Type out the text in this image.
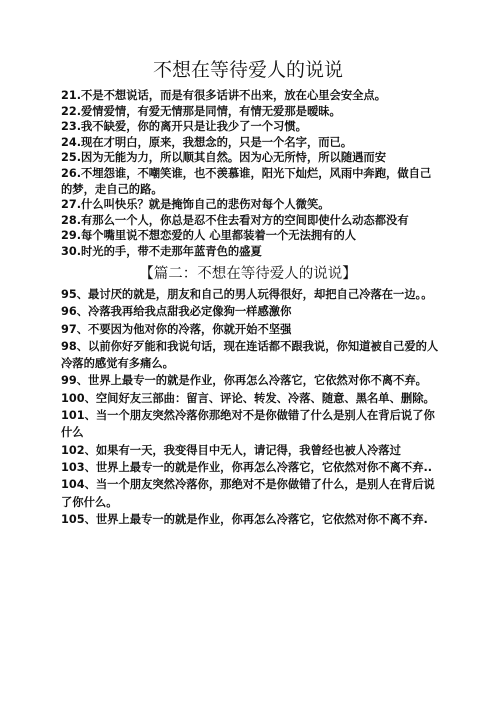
不想在等待爱人的说说

21.不是不想说话，而是有很多话讲不出来，放在心里会安全点。

22.爱情爱情，有爱无情那是同情，有情无爱那是暧昧。

23.我不缺爱，你的离开只是让我少了一个习惯。

24.现在才明白，原来，我想念的，只是一个名字，而已。

25.因为无能为力，所以顺其自然。因为心无所恃，所以随遇而安

26.不埋怨谁，不嘲笑谁，也不羡慕谁，阳光下灿烂，风雨中奔跑，做自己的梦，走自己的路。

27.什么叫快乐？就是掩饰自己的悲伤对每个人微笑。

28.有那么一个人，你总是忍不住去看对方的空间即使什么动态都没有

29.每个嘴里说不想恋爱的人 心里都装着一个无法拥有的人

30.时光的手，带不走那年蓝青色的盛夏

【篇二：不想在等待爱人的说说】

95、最讨厌的就是，朋友和自己的男人玩得很好，却把自己冷落在一边。。

96、冷落我再给我点甜我必定像狗一样感激你

97、不要因为他对你的冷落，你就开始不坚强

98、以前你好歹能和我说句话，现在连话都不跟我说，你知道被自己爱的人冷落的感觉有多痛么。

99、世界上最专一的就是作业，你再怎么冷落它，它依然对你不离不弃。

100、空间好友三部曲：留言、评论、转发、冷落、随意、黑名单、删除。

101、当一个朋友突然冷落你那绝对不是你做错了什么是别人在背后说了你什么

102、如果有一天，我变得目中无人，请记得，我曾经也被人冷落过

103、世界上最专一的就是作业，你再怎么冷落它，它依然对你不离不弃..

104、当一个朋友突然冷落你，那绝对不是你做错了什么，是别人在背后说了你什么。

105、世界上最专一的就是作业，你再怎么冷落它，它依然对你不离不弃.
